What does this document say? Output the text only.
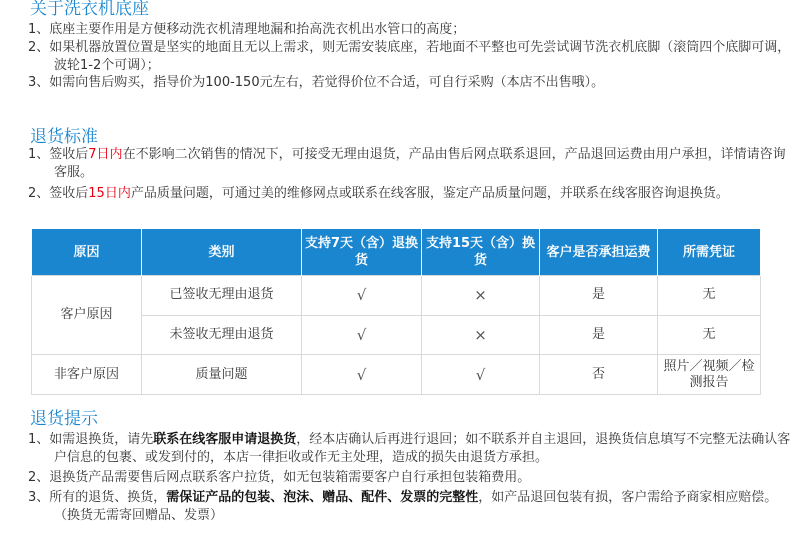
关于洗衣机底座

1、底座主要作用是方便移动洗衣机清理地漏和抬高洗衣机出水管口的高度；

2、如果机器放置位置是坚实的地面且无以上需求，则无需安装底座，若地面不平整也可先尝试调节洗衣机底脚（滚筒四个底脚可调，波轮1-2个可调）；

3、如需向售后购买，指导价为100-150元左右，若觉得价位不合适，可自行采购（本店不出售哦）。

退货标准

1、签收后7日内在不影响二次销售的情况下，可接受无理由退货，产品由售后网点联系退回，产品退回运费由用户承担，详情请咨询客服。

2、签收后15日内产品质量问题，可通过美的维修网点或联系在线客服，鉴定产品质量问题，并联系在线客服咨询退换货。

原因	类别	支持7天（含）退换货	支持15天（含）换货	客户是否承担运费	所需凭证
客户原因	已签收无理由退货	√	×	是	无
	未签收无理由退货	√	×	是	无
非客户原因	质量问题	√	√	否	照片／视频／检测报告
退货提示

1、如需退换货，请先联系在线客服申请退换货，经本店确认后再进行退回；如不联系并自主退回，退换货信息填写不完整无法确认客户信息的包裹、或发到付的，本店一律拒收或作无主处理，造成的损失由退货方承担。

2、退换货产品需要售后网点联系客户拉货，如无包装箱需要客户自行承担包装箱费用。

3、所有的退货、换货，需保证产品的包装、泡沫、赠品、配件、发票的完整性，如产品退回包装有损，客户需给予商家相应赔偿。（换货无需寄回赠品、发票）
